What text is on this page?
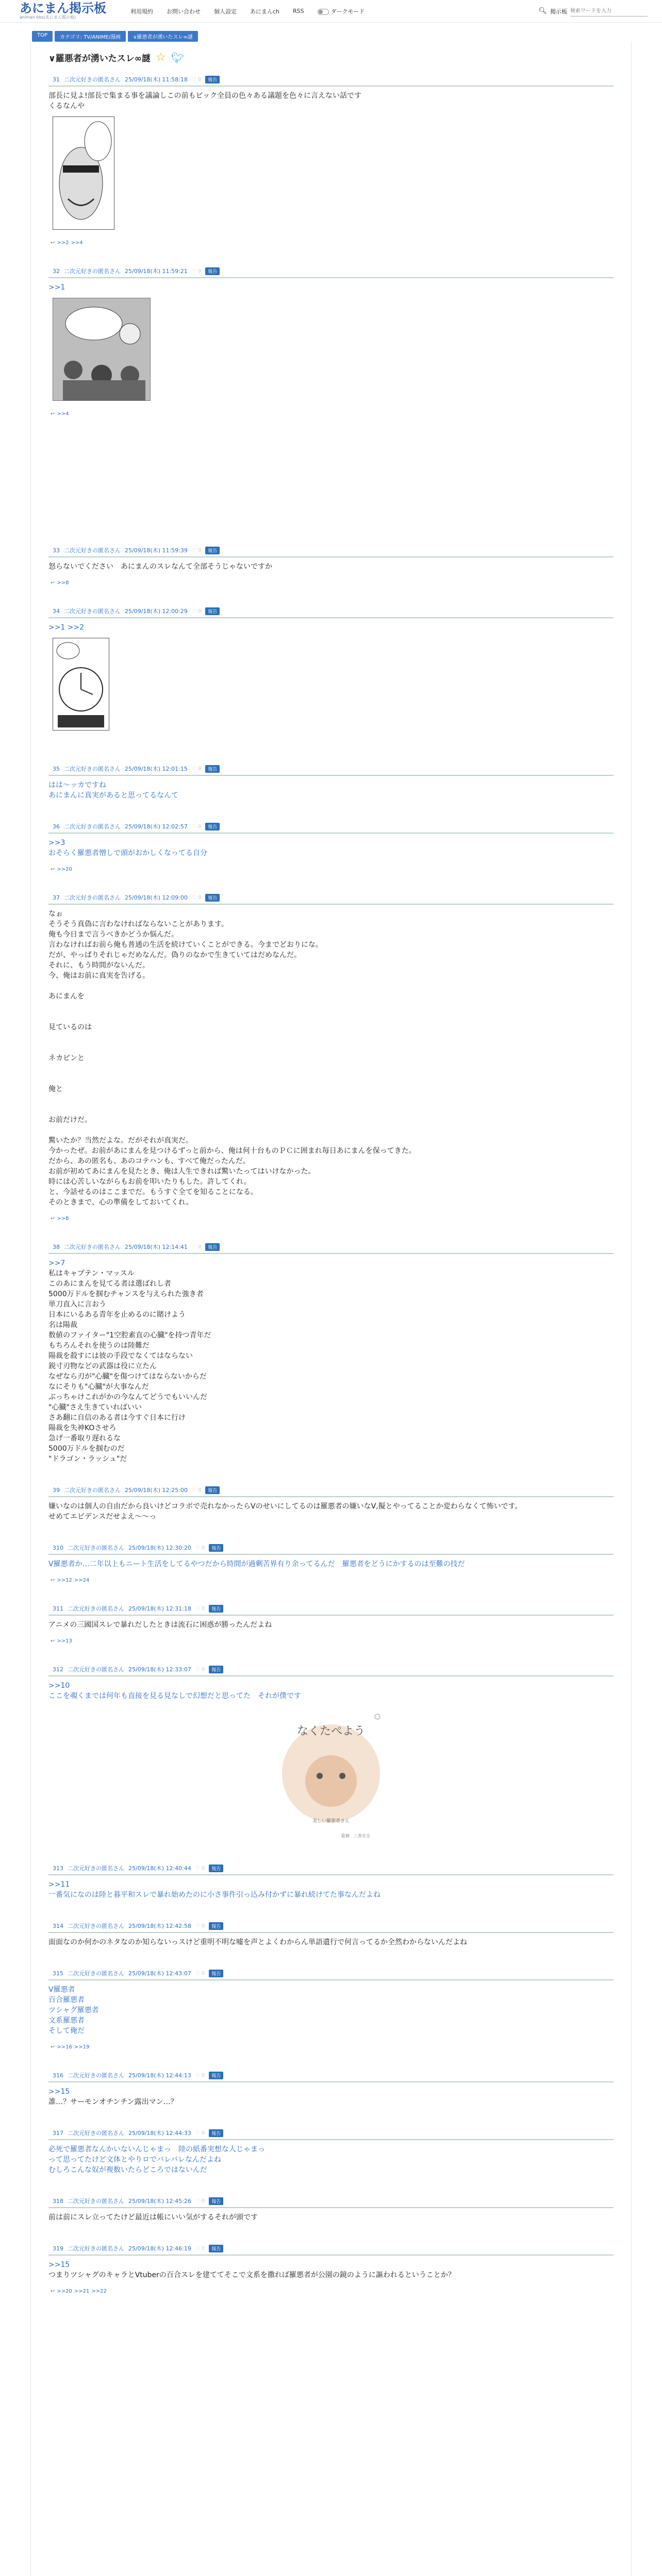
あにまん掲示板
animan bbs(あにまん掲示板)
利用規約 お問い合わせ 個人設定 あにまんch RSS	ダークモード	🔍︎ 掲示板
検索ワードを入力
TOP	カテゴリ: TV/ANIME/漫画	∨羅悪者が湧いたスレ∞謎
∨羅悪者が湧いたスレ∞謎 ☆ 🐦︎
31 二次元好きの匿名さん 25/09/18(木) 11:58:18 ♡ 0	報告

部長に見よ!部長で集まる事を議論しこの前もビック全員の色々ある議題を色々に言えない話です

くるなんや

↩ >>2 >>4
32 二次元好きの匿名さん 25/09/18(木) 11:59:21 ♡ 0	報告

>>1

↩ >>4
33 二次元好きの匿名さん 25/09/18(木) 11:59:39 ♡ 0	報告

怒らないでください　あにまんのスレなんて全部そうじゃないですか

↩ >>8
34 二次元好きの匿名さん 25/09/18(木) 12:00:29 ♡ 0	報告

>>1 >>2

35 二次元好きの匿名さん 25/09/18(木) 12:01:15 ♡ 0	報告

はは～ッカですね

あにまんに真実があると思ってるなんて

36 二次元好きの匿名さん 25/09/18(木) 12:02:57 ♡ 0	報告

>>3

おそらく羅悪者憎しで頭がおかしくなってる自分

↩ >>20
37 二次元好きの匿名さん 25/09/18(木) 12:09:00 ♡ 0	報告

なぉ

そうそう真偽に言わなければならないことがあります。

俺も今日まで言うべきかどうか悩んだ。

言わなければお前ら俺も普通の生活を続けていくことができる。今までどおりにな。

だが、やっぱりそれじゃだめなんだ。偽りのなかで生きていてはだめなんだ。

それに、もう時間がないんだ。

今、俺はお前に真実を告げる。

あにまんを

見ているのは

ネカピンと

俺と

お前だけだ。

驚いたか？当然だよな。だがそれが真実だ。

今かったぜ。お前があにまんを見つけるずっと前から、俺は何十台ものＰＣに囲まれ毎日あにまんを保ってきた。

だから、あの匿名も、あのコテハンも、すべて俺だったんだ。

お前が初めてあにまんを見たとき、俺は人生できれば驚いたってはいけなかった。

時には心苦しいながらもお前を叩いたりもした。許してくれ。

と、今話せるのはここまでだ。もうすぐ全てを知ることになる。

そのときまで、心の準備をしておいてくれ。

↩ >>8
38 二次元好きの匿名さん 25/09/18(木) 12:14:41 ♡ 0	報告

>>7

私はキャプテン・マッスル

このあにまんを見てる者は選ばれし者

5000万ドルを掴むチャンスを与えられた強き者

単刀直入に言おう

日本にいるある青年を止めるのに賭けよう

名は陽裁

数値のファイター"1空腔素直の心臓"を持つ青年だ

もちろんそれを使うのは陸難だ

陽裁を殺すには彼の手段でなくてはならない

鋭寸刃物などの武器は役に立たん

なぜなら刃が"心臓"を傷つけてはならないからだ

なにそりも"心臓"が大事なんだ

ぶっちゃけこれがかの今なんてどうでもいいんだ

"心臓"さえ生きていればいい

さあ翻に自信のある者は今すぐ日本に行け

陽裁を失神KOさせろ

急げ一番取り遅れるな

5000万ドルを掴むのだ

"ドラゴン・ラッシュ"だ

39 二次元好きの匿名さん 25/09/18(木) 12:25:00 ♡ 0	報告

嫌いなのは個人の自由だから良いけどコラボで売れなかったらVのせいにしてるのは羅悪者の嫌いなV,擬とやってることか変わらなくて怖いです。

せめてエビデンスだせよえ〜〜っ

310 二次元好きの匿名さん 25/09/18(木) 12:30:20 ♡ 0	報告

V羅悪者か…二年以上もニート生活をしてるやつだから時間が過剰苦界有り余ってるんだ　羅悪者をどうにかするのは至難の技だ

↩ >>12 >>24
311 二次元好きの匿名さん 25/09/18(木) 12:31:18 ♡ 0	報告

アニメの三國国スレで暴れだしたときは流石に困惑が勝ったんだよね

↩ >>13
312 二次元好きの匿名さん 25/09/18(木) 12:33:07 ♡ 0	報告

>>10

ここを覗くまでは何年も直接を見る見なしで幻想だと思ってた　それが僕です

なくたぺよう
美しい羅悪者さん
監修　三香至圭
313 二次元好きの匿名さん 25/09/18(木) 12:40:44 ♡ 0	報告

>>11

一番気になのは陸と暮平和スレで暴れ始めたのに小さ事件引っ込み付かずに暴れ続けてた事なんだよね

314 二次元好きの匿名さん 25/09/18(木) 12:42:58 ♡ 0	報告

面面なのか何かのネタなのか知らないっスけど重明不明な嘘を声とよくわからん単語遺行で何言ってるか全然わからないんだよね

315 二次元好きの匿名さん 25/09/18(木) 12:43:07 ♡ 0	報告

V羅悪者

百合羅悪者

ツシャグ羅悪者

文系羅悪者

そして俺だ

↩ >>16 >>19
316 二次元好きの匿名さん 25/09/18(木) 12:44:13 ♡ 0	報告

>>15

誰…？サーモンオチンチン露出マン…？

317 二次元好きの匿名さん 25/09/18(木) 12:44:33 ♡ 0	報告

必死で羅悪者なんかいないんじゃまっ　陸の紙番実想な人じゃまっ

って思ってたけど文体とやりロでバレバレなんだよね

むしろこんな奴が複数いたらどころではないんだ

318 二次元好きの匿名さん 25/09/18(木) 12:45:26 ♡ 0	報告

前は前にスレ立ってたけど最近は帳にいい気がするそれが頭です

319 二次元好きの匿名さん 25/09/18(木) 12:46:19 ♡ 0	報告

>>15

つまりツシャグのキャラとVtuberの百合スレを建ててそこで文系を撒れば羅悪者が公園の鏡のように謳われるということか？

↩ >>20 >>21 >>22
